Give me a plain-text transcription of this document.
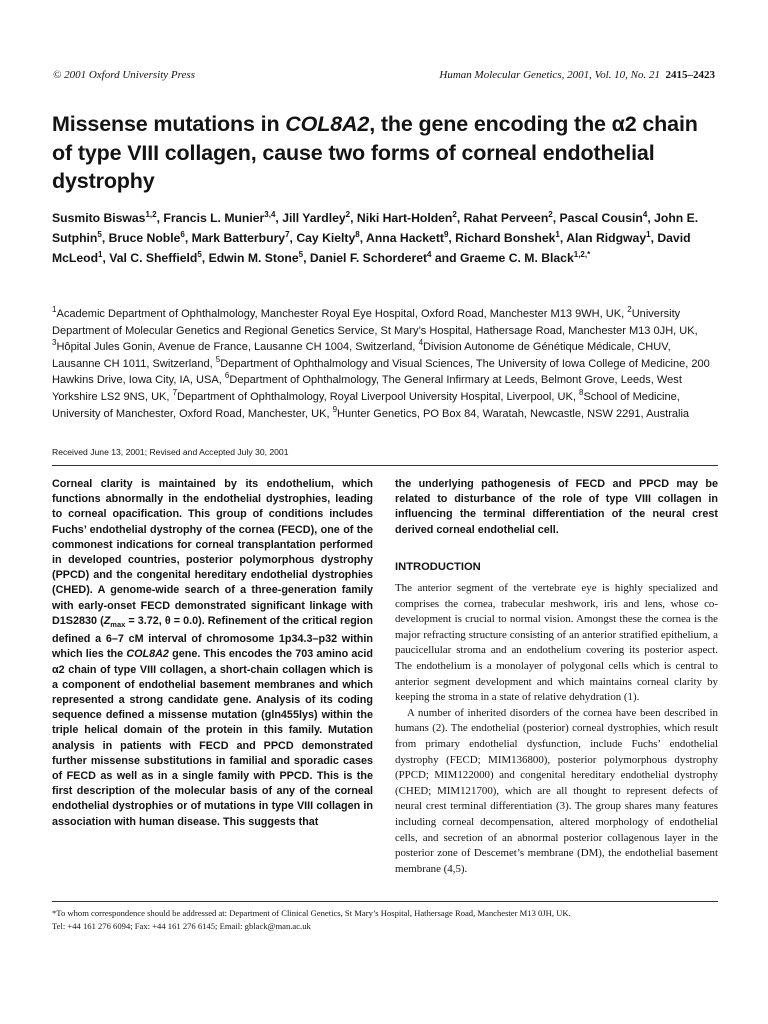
© 2001 Oxford University Press	Human Molecular Genetics, 2001, Vol. 10, No. 21 2415–2423
Missense mutations in COL8A2, the gene encoding the α2 chain of type VIII collagen, cause two forms of corneal endothelial dystrophy
Susmito Biswas$^{1,2}$, Francis L. Munier$^{3,4}$, Jill Yardley$^2$, Niki Hart-Holden$^2$, Rahat Perveen$^2$, Pascal Cousin$^4$, John E. Sutphin$^5$, Bruce Noble$^6$, Mark Batterbury$^7$, Cay Kielty$^8$, Anna Hackett$^9$, Richard Bonshek$^1$, Alan Ridgway$^1$, David McLeod$^1$, Val C. Sheffield$^5$, Edwin M. Stone$^5$, Daniel F. Schorderet$^4$ and Graeme C. M. Black$^{1,2,*}$
$^1$Academic Department of Ophthalmology, Manchester Royal Eye Hospital, Oxford Road, Manchester M13 9WH, UK, $^2$University Department of Molecular Genetics and Regional Genetics Service, St Mary’s Hospital, Hathersage Road, Manchester M13 0JH, UK, $^3$Hôpital Jules Gonin, Avenue de France, Lausanne CH 1004, Switzerland, $^4$Division Autonome de Génétique Médicale, CHUV, Lausanne CH 1011, Switzerland, $^5$Department of Ophthalmology and Visual Sciences, The University of Iowa College of Medicine, 200 Hawkins Drive, Iowa City, IA, USA, $^6$Department of Ophthalmology, The General Infirmary at Leeds, Belmont Grove, Leeds, West Yorkshire LS2 9NS, UK, $^7$Department of Ophthalmology, Royal Liverpool University Hospital, Liverpool, UK, $^8$School of Medicine, University of Manchester, Oxford Road, Manchester, UK, $^9$Hunter Genetics, PO Box 84, Waratah, Newcastle, NSW 2291, Australia
Received June 13, 2001; Revised and Accepted July 30, 2001
Corneal clarity is maintained by its endothelium, which functions abnormally in the endothelial dystrophies, leading to corneal opacification. This group of conditions includes Fuchs’ endothelial dystrophy of the cornea (FECD), one of the commonest indications for corneal transplantation performed in developed countries, posterior polymorphous dystrophy (PPCD) and the congenital hereditary endothelial dystrophies (CHED). A genome-wide search of a three-generation family with early-onset FECD demonstrated significant linkage with D1S2830 ($Z_{max} = 3.72$, θ = 0.0). Refinement of the critical region defined a 6–7 cM interval of chromosome 1p34.3–p32 within which lies the COL8A2 gene. This encodes the 703 amino acid α2 chain of type VIII collagen, a short-chain collagen which is a component of endothelial basement membranes and which represented a strong candidate gene. Analysis of its coding sequence defined a missense mutation (gln455lys) within the triple helical domain of the protein in this family. Mutation analysis in patients with FECD and PPCD demonstrated further missense substitutions in familial and sporadic cases of FECD as well as in a single family with PPCD. This is the first description of the molecular basis of any of the corneal endothelial dystrophies or of mutations in type VIII collagen in association with human disease. This suggests that
the underlying pathogenesis of FECD and PPCD may be related to disturbance of the role of type VIII collagen in influencing the terminal differentiation of the neural crest derived corneal endothelial cell.
INTRODUCTION

The anterior segment of the vertebrate eye is highly specialized and comprises the cornea, trabecular meshwork, iris and lens, whose co-development is crucial to normal vision. Amongst these the cornea is the major refracting structure consisting of an anterior stratified epithelium, a paucicellular stroma and an endothelium covering its posterior aspect. The endothelium is a monolayer of polygonal cells which is central to anterior segment development and which maintains corneal clarity by keeping the stroma in a state of relative dehydration (1).

A number of inherited disorders of the cornea have been described in humans (2). The endothelial (posterior) corneal dystrophies, which result from primary endothelial dysfunction, include Fuchs’ endothelial dystrophy (FECD; MIM136800), posterior polymorphous dystrophy (PPCD; MIM122000) and congenital hereditary endothelial dystrophy (CHED; MIM121700), which are all thought to represent defects of neural crest terminal differentiation (3). The group shares many features including corneal decompensation, altered morphology of endothelial cells, and secretion of an abnormal posterior collagenous layer in the posterior zone of Descemet’s membrane (DM), the endothelial basement membrane (4,5).

*To whom correspondence should be addressed at: Department of Clinical Genetics, St Mary’s Hospital, Hathersage Road, Manchester M13 0JH, UK.
Tel: +44 161 276 6094; Fax: +44 161 276 6145; Email: gblack@man.ac.uk
